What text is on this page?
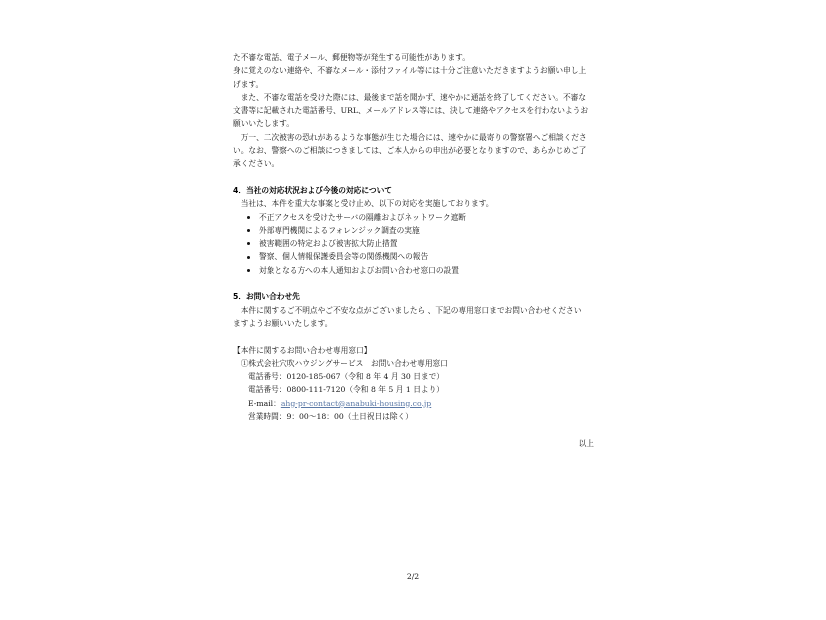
た不審な電話、電子メール、郵便物等が発生する可能性があります。
身に覚えのない連絡や、不審なメール・添付ファイル等には十分ご注意いただきますようお願い申し上
げます。
　また、不審な電話を受けた際には、最後まで話を聞かず、速やかに通話を終了してください。不審な
文書等に記載された電話番号、URL、メールアドレス等には、決して連絡やアクセスを行わないようお
願いいたします。
　万一、二次被害の恐れがあるような事態が生じた場合には、速やかに最寄りの警察署へご相談くださ
い。なお、警察へのご相談につきましては、ご本人からの申出が必要となりますので、あらかじめご了
承ください。
4．当社の対応状況および今後の対応について
　当社は、本件を重大な事案と受け止め、以下の対応を実施しております。
不正アクセスを受けたサーバの隔離およびネットワーク遮断
外部専門機関によるフォレンジック調査の実施
被害範囲の特定および被害拡大防止措置
警察、個人情報保護委員会等の関係機関への報告
対象となる方への本人通知およびお問い合わせ窓口の設置
5．お問い合わせ先
　本件に関するご不明点やご不安な点がございましたら 、下記の専用窓口までお問い合わせください
ますようお願いいたします。
【本件に関するお問い合わせ専用窓口】
　①株式会社穴吹ハウジングサービス　お問い合わせ専用窓口
電話番号：0120-185-067（令和 8 年 4 月 30 日まで）
電話番号：0800-111-7120（令和 8 年 5 月 1 日より）
E-mail：ahg-pr-contact@anabuki-housing.co.jp
営業時間：9：00～18：00（土日祝日は除く）
以上
2/2
